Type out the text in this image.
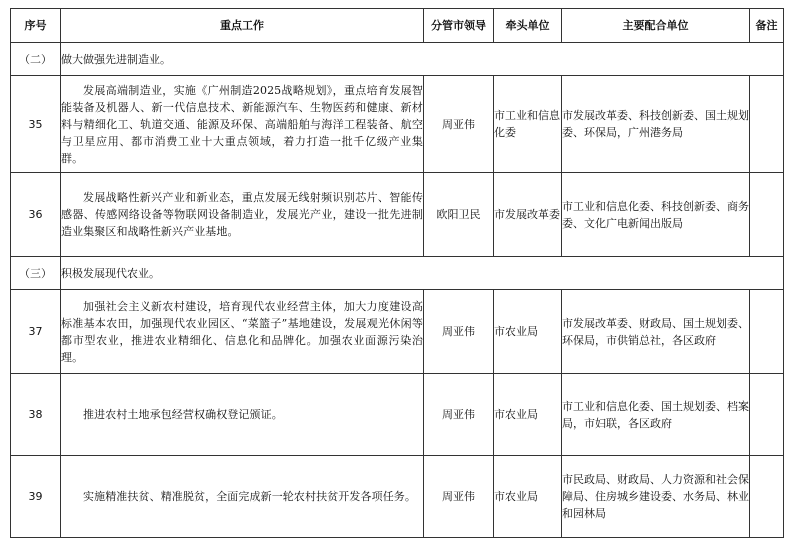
序号	重点工作	分管市领导	牵头单位	主要配合单位	备注
（二）	做大做强先进制造业。				
35	发展高端制造业，实施《广州制造2025战略规划》，重点培育发展智能装备及机器人、新一代信息技术、新能源汽车、生物医药和健康、新材料与精细化工、轨道交通、能源及环保、高端船舶与海洋工程装备、航空与卫星应用、都市消费工业十大重点领域，着力打造一批千亿级产业集群。	周亚伟	市工业和信息化委	市发展改革委、科技创新委、国土规划委、环保局，广州港务局	
36	发展战略性新兴产业和新业态，重点发展无线射频识别芯片、智能传感器、传感网络设备等物联网设备制造业，发展光产业，建设一批先进制造业集聚区和战略性新兴产业基地。	欧阳卫民	市发展改革委	市工业和信息化委、科技创新委、商务委、文化广电新闻出版局	
（三）	积极发展现代农业。				
37	加强社会主义新农村建设，培育现代农业经营主体，加大力度建设高标准基本农田，加强现代农业园区、“菜篮子”基地建设，发展观光休闲等都市型农业，推进农业精细化、信息化和品牌化。加强农业面源污染治理。	周亚伟	市农业局	市发展改革委、财政局、国土规划委、环保局，市供销总社，各区政府	
38	推进农村土地承包经营权确权登记颁证。	周亚伟	市农业局	市工业和信息化委、国土规划委、档案局，市妇联，各区政府	
39	实施精准扶贫、精准脱贫，全面完成新一轮农村扶贫开发各项任务。	周亚伟	市农业局	市民政局、财政局、人力资源和社会保障局、住房城乡建设委、水务局、林业和园林局	
